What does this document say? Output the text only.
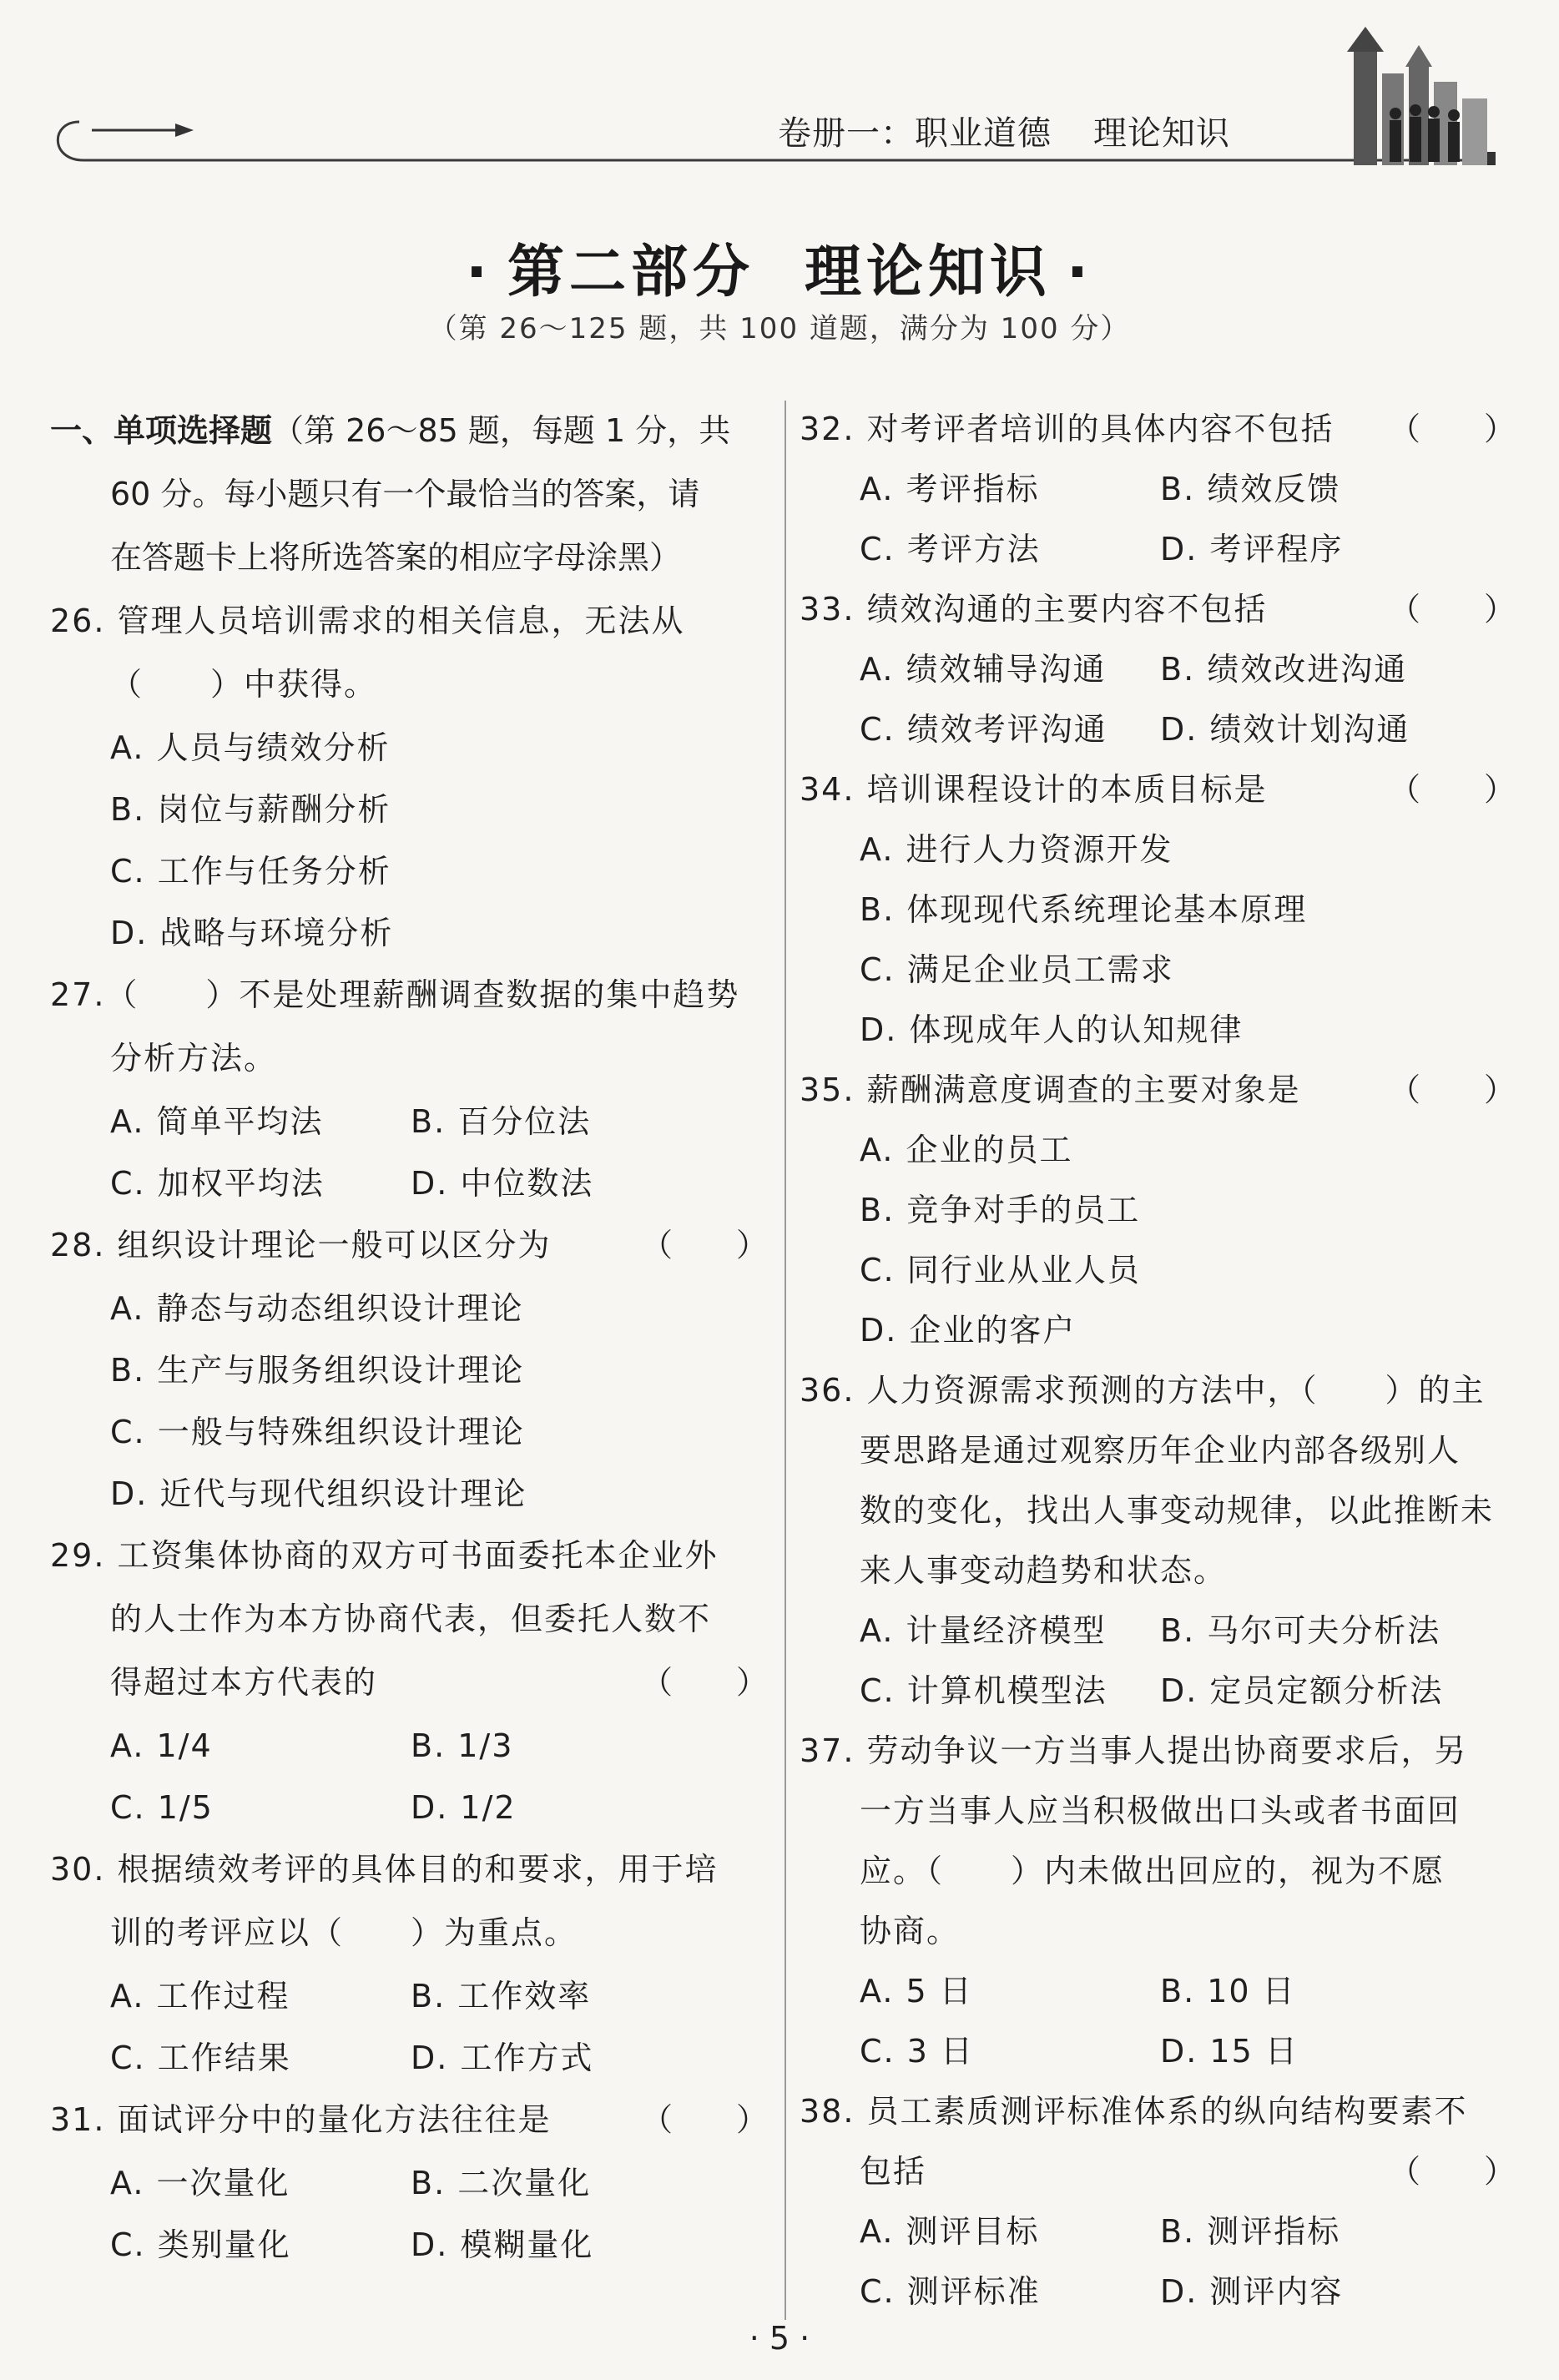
卷册一：职业道德 理论知识
· 第二部分 理论知识 ·
（第 26～125 题，共 100 道题，满分为 100 分）
一、单项选择题（第 26～85 题，每题 1 分，共
60 分。每小题只有一个最恰当的答案，请
在答题卡上将所选答案的相应字母涂黑）
26. 管理人员培训需求的相关信息，无法从
（　　）中获得。
A. 人员与绩效分析
B. 岗位与薪酬分析
C. 工作与任务分析
D. 战略与环境分析
27.（　　）不是处理薪酬调查数据的集中趋势
分析方法。
A. 简单平均法	B. 百分位法
C. 加权平均法	D. 中位数法
28. 组织设计理论一般可以区分为	（　　）
A. 静态与动态组织设计理论
B. 生产与服务组织设计理论
C. 一般与特殊组织设计理论
D. 近代与现代组织设计理论
29. 工资集体协商的双方可书面委托本企业外
的人士作为本方协商代表，但委托人数不
得超过本方代表的	（　　）
A. 1/4	B. 1/3
C. 1/5	D. 1/2
30. 根据绩效考评的具体目的和要求，用于培
训的考评应以（　　）为重点。
A. 工作过程	B. 工作效率
C. 工作结果	D. 工作方式
31. 面试评分中的量化方法往往是	（　　）
A. 一次量化	B. 二次量化
C. 类别量化	D. 模糊量化
32. 对考评者培训的具体内容不包括 （　　）
A. 考评指标	B. 绩效反馈
C. 考评方法	D. 考评程序
33. 绩效沟通的主要内容不包括	（　　）
A. 绩效辅导沟通	B. 绩效改进沟通
C. 绩效考评沟通	D. 绩效计划沟通
34. 培训课程设计的本质目标是	（　　）
A. 进行人力资源开发
B. 体现现代系统理论基本原理
C. 满足企业员工需求
D. 体现成年人的认知规律
35. 薪酬满意度调查的主要对象是	（　　）
A. 企业的员工
B. 竞争对手的员工
C. 同行业从业人员
D. 企业的客户
36. 人力资源需求预测的方法中，（　　）的主
要思路是通过观察历年企业内部各级别人
数的变化，找出人事变动规律，以此推断未
来人事变动趋势和状态。
A. 计量经济模型	B. 马尔可夫分析法
C. 计算机模型法	D. 定员定额分析法
37. 劳动争议一方当事人提出协商要求后，另
一方当事人应当积极做出口头或者书面回
应。（　　）内未做出回应的，视为不愿
协商。
A. 5 日	B. 10 日
C. 3 日	D. 15 日
38. 员工素质测评标准体系的纵向结构要素不
包括	（　　）
A. 测评目标	B. 测评指标
C. 测评标准	D. 测评内容
· 5 ·
